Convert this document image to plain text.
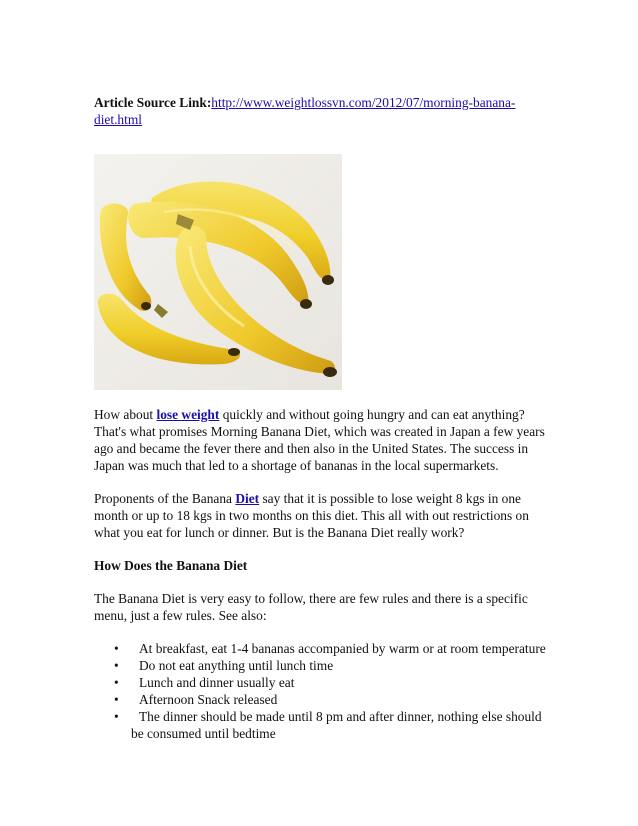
Article Source Link:http://www.weightlossvn.com/2012/07/morning-banana-diet.html

How about lose weight quickly and without going hungry and can eat anything? That's what promises Morning Banana Diet, which was created in Japan a few years ago and became the fever there and then also in the United States. The success in Japan was much that led to a shortage of bananas in the local supermarkets.

Proponents of the Banana Diet say that it is possible to lose weight 8 kgs in one month or up to 18 kgs in two months on this diet. This all with out restrictions on what you eat for lunch or dinner. But is the Banana Diet really work?

How Does the Banana Diet

The Banana Diet is very easy to follow, there are few rules and there is a specific menu, just a few rules. See also:

• At breakfast, eat 1-4 bananas accompanied by warm or at room temperature
• Do not eat anything until lunch time
• Lunch and dinner usually eat
• Afternoon Snack released
• The dinner should be made until 8 pm and after dinner, nothing else should be consumed until bedtime
